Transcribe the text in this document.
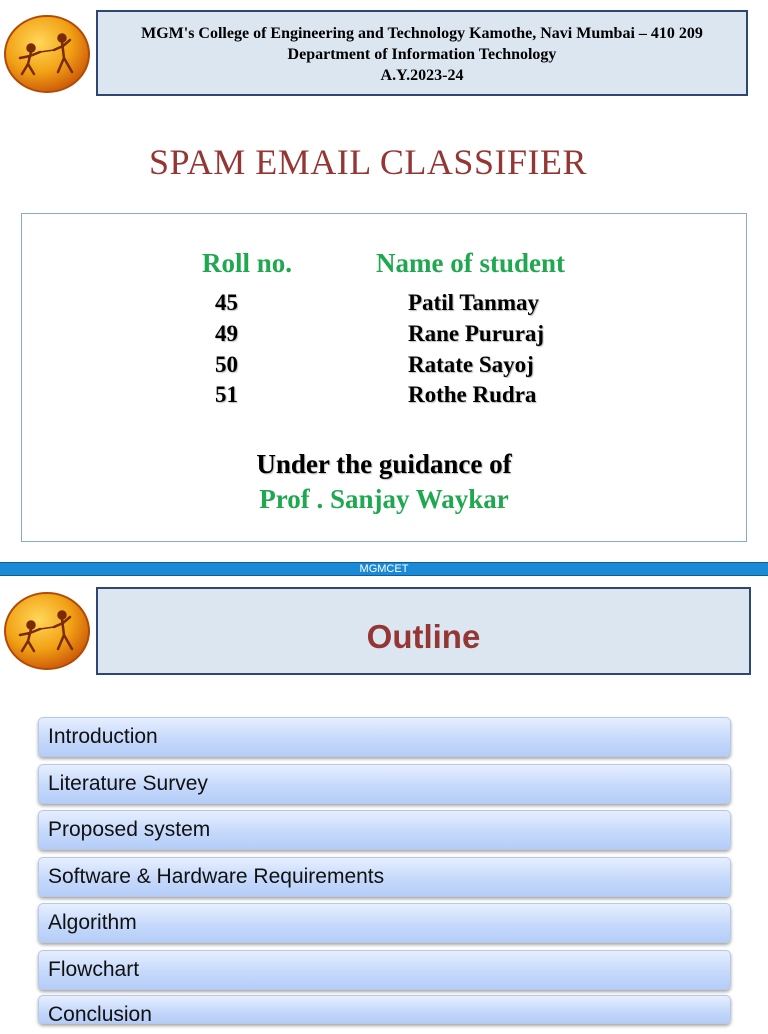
MGM's College of Engineering and Technology Kamothe, Navi Mumbai – 410 209
Department of Information Technology
A.Y.2023-24
SPAM EMAIL CLASSIFIER
Roll no.	Name of student
45	Patil Tanmay
49	Rane Pururaj
50	Ratate Sayoj
51	Rothe Rudra
Under the guidance of
Prof . Sanjay Waykar
MGMCET
Outline
Introduction
Literature Survey
Proposed system
Software & Hardware Requirements
Algorithm
Flowchart
Conclusion
